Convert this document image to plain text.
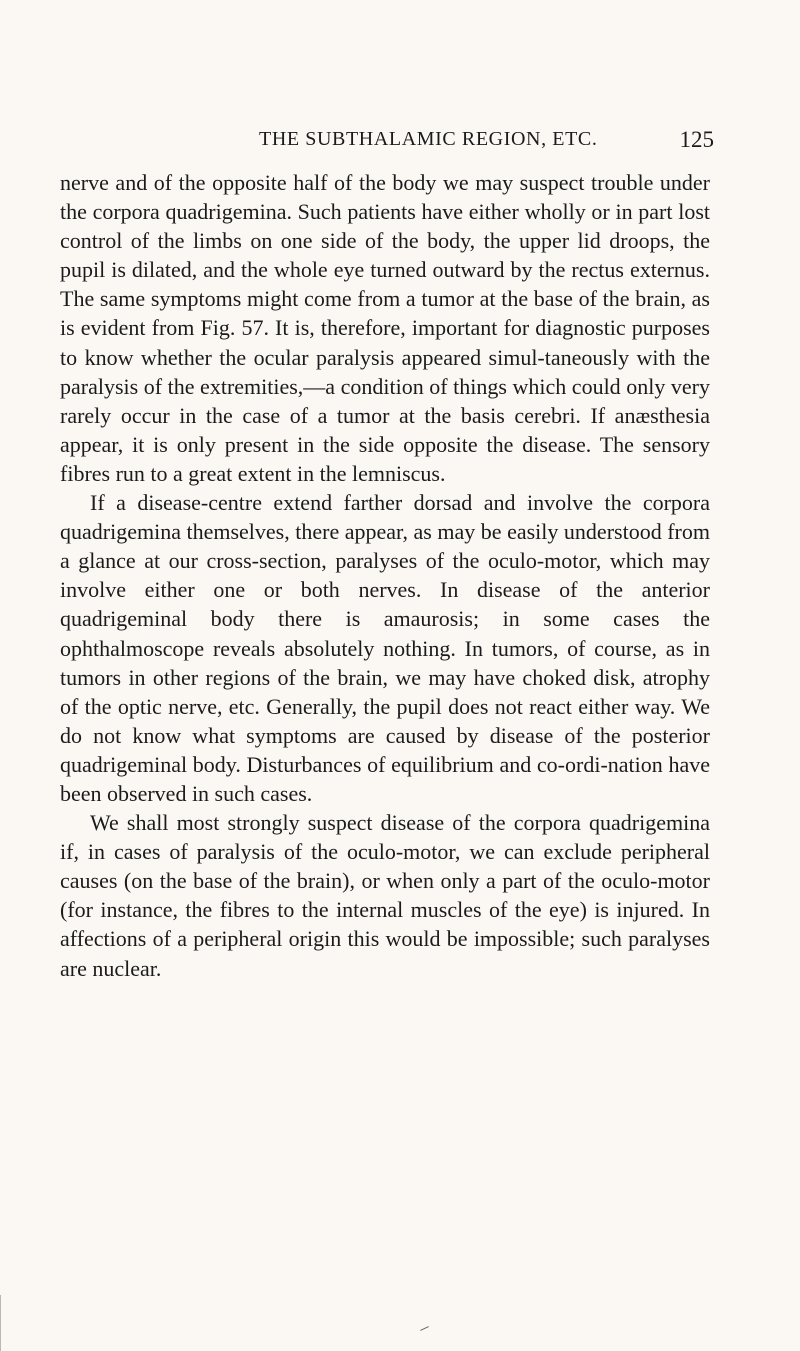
THE SUBTHALAMIC REGION, ETC.	125

nerve and of the opposite half of the body we may suspect trouble under the corpora quadrigemina. Such patients have either wholly or in part lost control of the limbs on one side of the body, the upper lid droops, the pupil is dilated, and the whole eye turned outward by the rectus externus. The same symptoms might come from a tumor at the base of the brain, as is evident from Fig. 57. It is, therefore, important for diagnostic purposes to know whether the ocular paralysis appeared simul-taneously with the paralysis of the extremities,—a condition of things which could only very rarely occur in the case of a tumor at the basis cerebri. If anæsthesia appear, it is only present in the side opposite the disease. The sensory fibres run to a great extent in the lemniscus.

If a disease-centre extend farther dorsad and involve the corpora quadrigemina themselves, there appear, as may be easily understood from a glance at our cross-section, paralyses of the oculo-motor, which may involve either one or both nerves. In disease of the anterior quadrigeminal body there is amaurosis; in some cases the ophthalmoscope reveals absolutely nothing. In tumors, of course, as in tumors in other regions of the brain, we may have choked disk, atrophy of the optic nerve, etc. Generally, the pupil does not react either way. We do not know what symptoms are caused by disease of the posterior quadrigeminal body. Disturbances of equilibrium and co-ordi-nation have been observed in such cases.

We shall most strongly suspect disease of the corpora quadrigemina if, in cases of paralysis of the oculo-motor, we can exclude peripheral causes (on the base of the brain), or when only a part of the oculo-motor (for instance, the fibres to the internal muscles of the eye) is injured. In affections of a peripheral origin this would be impossible; such paralyses are nuclear.
